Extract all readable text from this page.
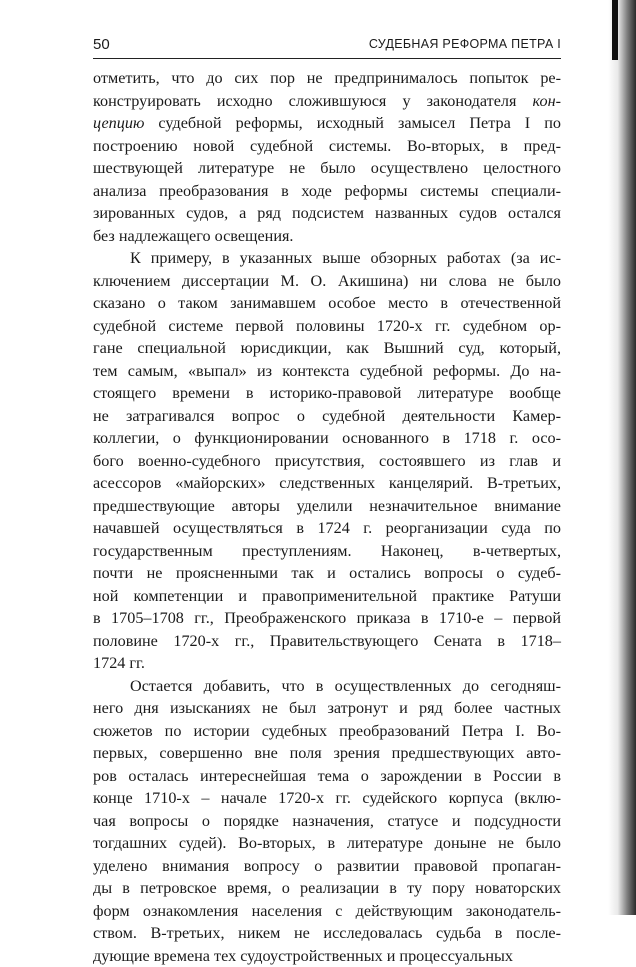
50	СУДЕБНАЯ РЕФОРМА ПЕТРА I
отметить, что до сих пор не предпринималось попыток ре-
конструировать исходно сложившуюся у законодателя кон-
цепцию судебной реформы, исходный замысел Петра I по
построению новой судебной системы. Во-вторых, в пред-
шествующей литературе не было осуществлено целостного
анализа преобразования в ходе реформы системы специали-
зированных судов, а ряд подсистем названных судов остался
без надлежащего освещения.
К примеру, в указанных выше обзорных работах (за ис-
ключением диссертации М. О. Акишина) ни слова не было
сказано о таком занимавшем особое место в отечественной
судебной системе первой половины 1720-х гг. судебном ор-
гане специальной юрисдикции, как Вышний суд, который,
тем самым, «выпал» из контекста судебной реформы. До на-
стоящего времени в историко-правовой литературе вообще
не затрагивался вопрос о судебной деятельности Камер-
коллегии, о функционировании основанного в 1718 г. осо-
бого военно-судебного присутствия, состоявшего из глав и
асессоров «майорских» следственных канцелярий. В-третьих,
предшествующие авторы уделили незначительное внимание
начавшей осуществляться в 1724 г. реорганизации суда по
государственным преступлениям. Наконец, в-четвертых,
почти не проясненными так и остались вопросы о судеб-
ной компетенции и правоприменительной практике Ратуши
в 1705–1708 гг., Преображенского приказа в 1710-е – первой
половине 1720-х гг., Правительствующего Сената в 1718–
1724 гг.
Остается добавить, что в осуществленных до сегодняш-
него дня изысканиях не был затронут и ряд более частных
сюжетов по истории судебных преобразований Петра I. Во-
первых, совершенно вне поля зрения предшествующих авто-
ров осталась интереснейшая тема о зарождении в России в
конце 1710-х – начале 1720-х гг. судейского корпуса (вклю-
чая вопросы о порядке назначения, статусе и подсудности
тогдашних судей). Во-вторых, в литературе доныне не было
уделено внимания вопросу о развитии правовой пропаган-
ды в петровское время, о реализации в ту пору новаторских
форм ознакомления населения с действующим законодатель-
ством. В-третьих, никем не исследовалась судьба в после-
дующие времена тех судоустройственных и процессуальных
